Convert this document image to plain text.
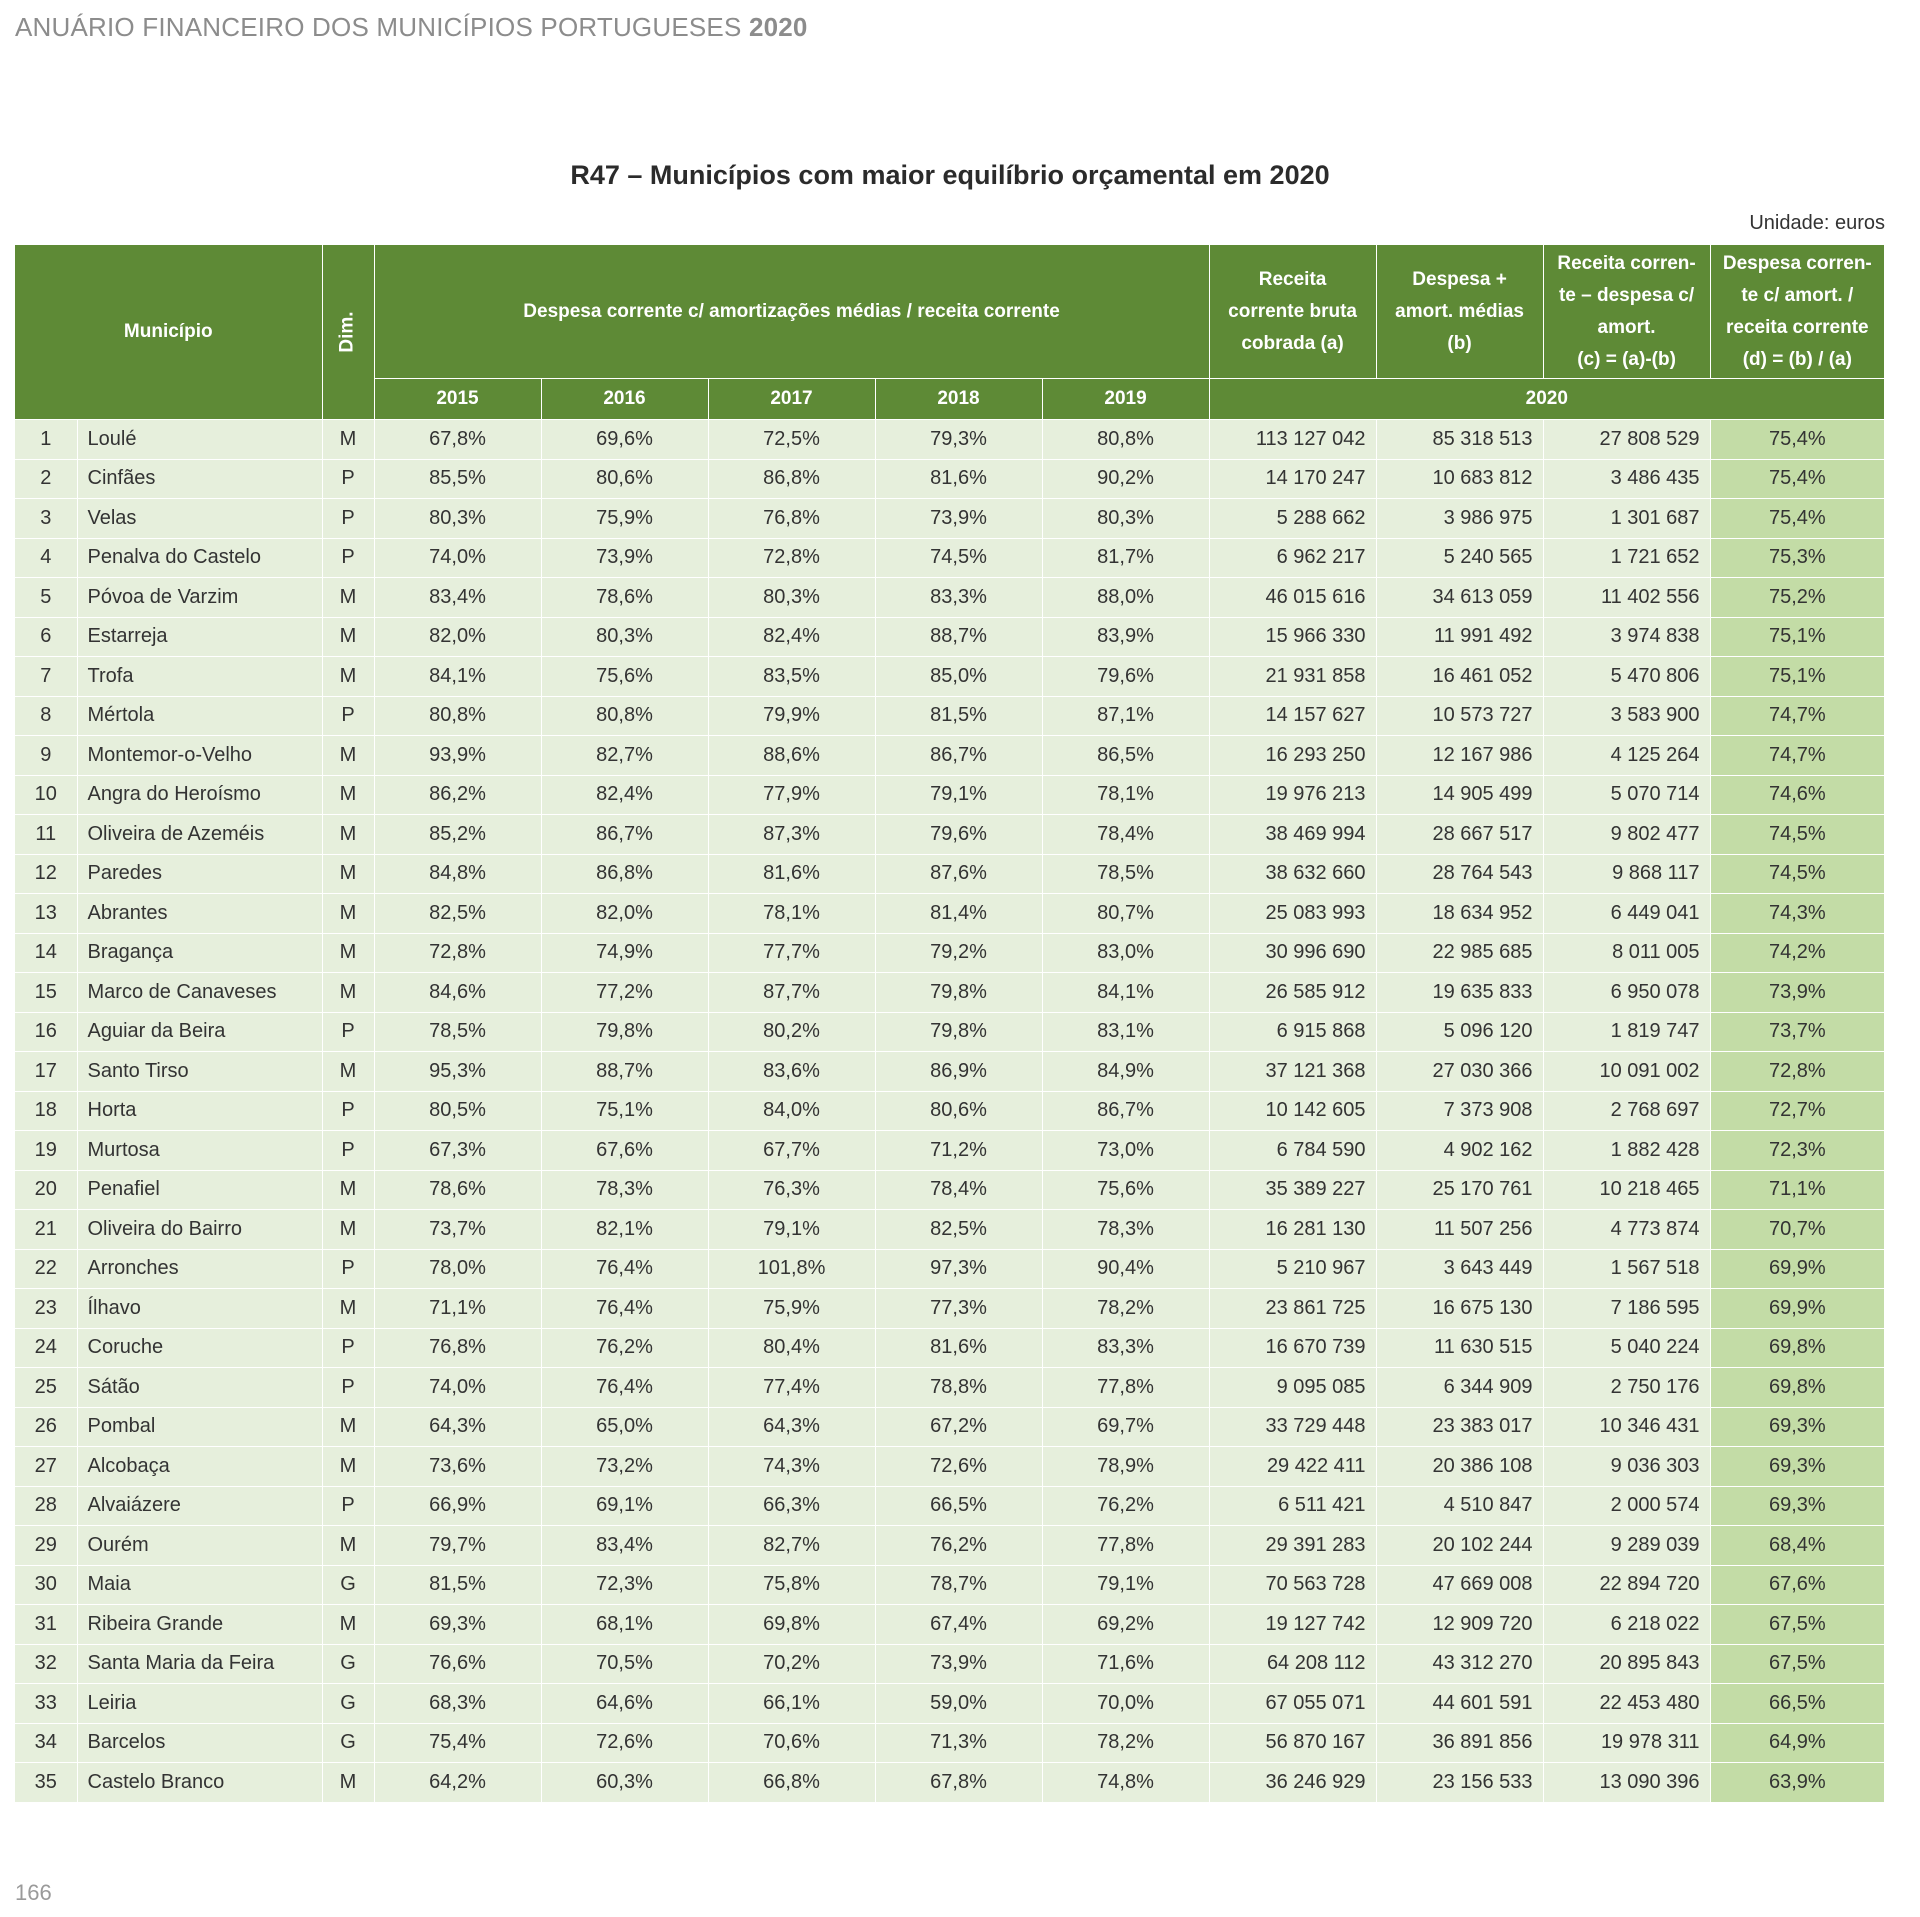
ANUÁRIO FINANCEIRO DOS MUNICÍPIOS PORTUGUESES 2020
R47 – Municípios com maior equilíbrio orçamental em 2020
Unidade: euros
Município		Dim.	Despesa corrente c/ amortizações médias / receita corrente					Receita
corrente bruta
cobrada (a)	Despesa +
amort. médias
(b)	Receita corren-
te – despesa c/
amort.
(c) = (a)-(b)	Despesa corren-
te c/ amort. /
receita corrente
(d) = (b) / (a)
			2015	2016	2017	2018	2019	2020			
1	Loulé	M	67,8%	69,6%	72,5%	79,3%	80,8%	113 127 042	85 318 513	27 808 529	75,4%
2	Cinfães	P	85,5%	80,6%	86,8%	81,6%	90,2%	14 170 247	10 683 812	3 486 435	75,4%
3	Velas	P	80,3%	75,9%	76,8%	73,9%	80,3%	5 288 662	3 986 975	1 301 687	75,4%
4	Penalva do Castelo	P	74,0%	73,9%	72,8%	74,5%	81,7%	6 962 217	5 240 565	1 721 652	75,3%
5	Póvoa de Varzim	M	83,4%	78,6%	80,3%	83,3%	88,0%	46 015 616	34 613 059	11 402 556	75,2%
6	Estarreja	M	82,0%	80,3%	82,4%	88,7%	83,9%	15 966 330	11 991 492	3 974 838	75,1%
7	Trofa	M	84,1%	75,6%	83,5%	85,0%	79,6%	21 931 858	16 461 052	5 470 806	75,1%
8	Mértola	P	80,8%	80,8%	79,9%	81,5%	87,1%	14 157 627	10 573 727	3 583 900	74,7%
9	Montemor-o-Velho	M	93,9%	82,7%	88,6%	86,7%	86,5%	16 293 250	12 167 986	4 125 264	74,7%
10	Angra do Heroísmo	M	86,2%	82,4%	77,9%	79,1%	78,1%	19 976 213	14 905 499	5 070 714	74,6%
11	Oliveira de Azeméis	M	85,2%	86,7%	87,3%	79,6%	78,4%	38 469 994	28 667 517	9 802 477	74,5%
12	Paredes	M	84,8%	86,8%	81,6%	87,6%	78,5%	38 632 660	28 764 543	9 868 117	74,5%
13	Abrantes	M	82,5%	82,0%	78,1%	81,4%	80,7%	25 083 993	18 634 952	6 449 041	74,3%
14	Bragança	M	72,8%	74,9%	77,7%	79,2%	83,0%	30 996 690	22 985 685	8 011 005	74,2%
15	Marco de Canaveses	M	84,6%	77,2%	87,7%	79,8%	84,1%	26 585 912	19 635 833	6 950 078	73,9%
16	Aguiar da Beira	P	78,5%	79,8%	80,2%	79,8%	83,1%	6 915 868	5 096 120	1 819 747	73,7%
17	Santo Tirso	M	95,3%	88,7%	83,6%	86,9%	84,9%	37 121 368	27 030 366	10 091 002	72,8%
18	Horta	P	80,5%	75,1%	84,0%	80,6%	86,7%	10 142 605	7 373 908	2 768 697	72,7%
19	Murtosa	P	67,3%	67,6%	67,7%	71,2%	73,0%	6 784 590	4 902 162	1 882 428	72,3%
20	Penafiel	M	78,6%	78,3%	76,3%	78,4%	75,6%	35 389 227	25 170 761	10 218 465	71,1%
21	Oliveira do Bairro	M	73,7%	82,1%	79,1%	82,5%	78,3%	16 281 130	11 507 256	4 773 874	70,7%
22	Arronches	P	78,0%	76,4%	101,8%	97,3%	90,4%	5 210 967	3 643 449	1 567 518	69,9%
23	Ílhavo	M	71,1%	76,4%	75,9%	77,3%	78,2%	23 861 725	16 675 130	7 186 595	69,9%
24	Coruche	P	76,8%	76,2%	80,4%	81,6%	83,3%	16 670 739	11 630 515	5 040 224	69,8%
25	Sátão	P	74,0%	76,4%	77,4%	78,8%	77,8%	9 095 085	6 344 909	2 750 176	69,8%
26	Pombal	M	64,3%	65,0%	64,3%	67,2%	69,7%	33 729 448	23 383 017	10 346 431	69,3%
27	Alcobaça	M	73,6%	73,2%	74,3%	72,6%	78,9%	29 422 411	20 386 108	9 036 303	69,3%
28	Alvaiázere	P	66,9%	69,1%	66,3%	66,5%	76,2%	6 511 421	4 510 847	2 000 574	69,3%
29	Ourém	M	79,7%	83,4%	82,7%	76,2%	77,8%	29 391 283	20 102 244	9 289 039	68,4%
30	Maia	G	81,5%	72,3%	75,8%	78,7%	79,1%	70 563 728	47 669 008	22 894 720	67,6%
31	Ribeira Grande	M	69,3%	68,1%	69,8%	67,4%	69,2%	19 127 742	12 909 720	6 218 022	67,5%
32	Santa Maria da Feira	G	76,6%	70,5%	70,2%	73,9%	71,6%	64 208 112	43 312 270	20 895 843	67,5%
33	Leiria	G	68,3%	64,6%	66,1%	59,0%	70,0%	67 055 071	44 601 591	22 453 480	66,5%
34	Barcelos	G	75,4%	72,6%	70,6%	71,3%	78,2%	56 870 167	36 891 856	19 978 311	64,9%
35	Castelo Branco	M	64,2%	60,3%	66,8%	67,8%	74,8%	36 246 929	23 156 533	13 090 396	63,9%
166
